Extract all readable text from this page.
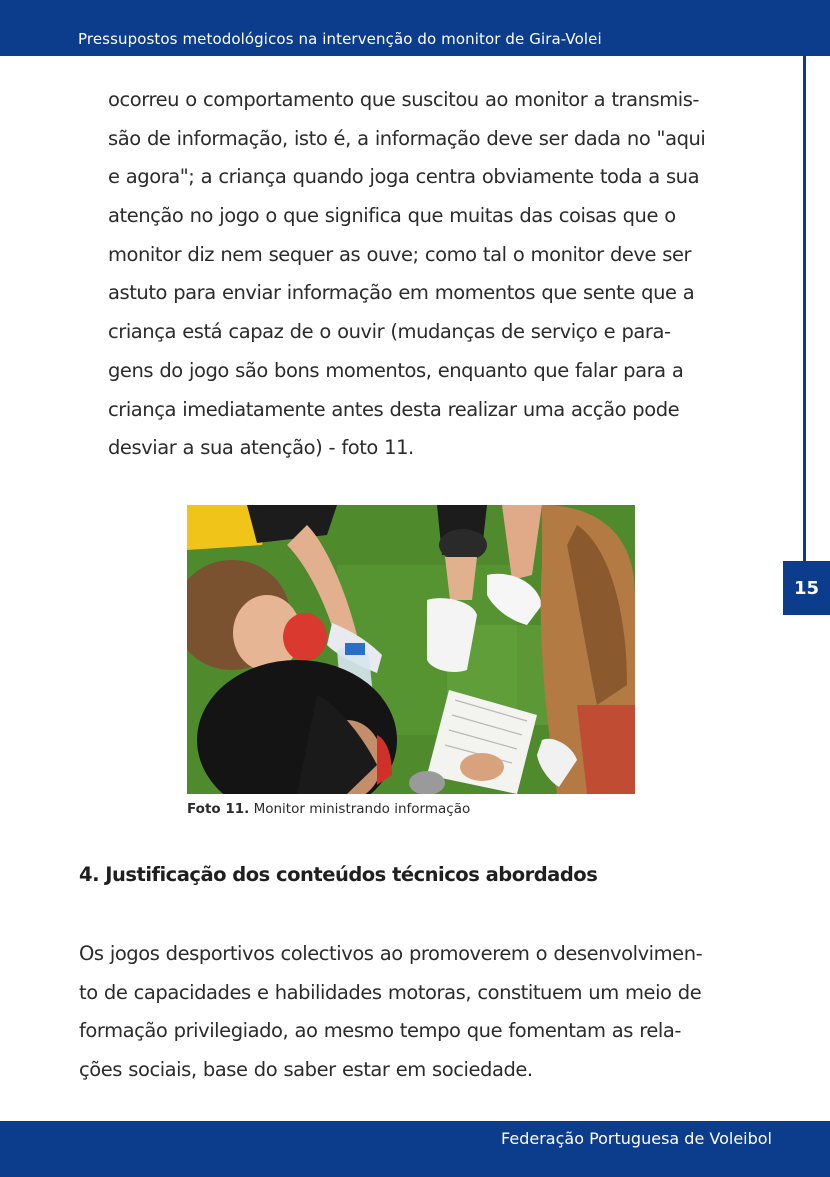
Pressupostos metodológicos na intervenção do monitor de Gira-Volei
15
ocorreu o comportamento que suscitou ao monitor a transmis-
são de informação, isto é, a informação deve ser dada no "aqui
e agora"; a criança quando joga centra obviamente toda a sua
atenção no jogo o que significa que muitas das coisas que o
monitor diz nem sequer as ouve; como tal o monitor deve ser
astuto para enviar informação em momentos que sente que a
criança está capaz de o ouvir (mudanças de serviço e para-
gens do jogo são bons momentos, enquanto que falar para a
criança imediatamente antes desta realizar uma acção pode
desviar a sua atenção) - foto 11.
Foto 11. Monitor ministrando informação
4. Justificação dos conteúdos técnicos abordados
Os jogos desportivos colectivos ao promoverem o desenvolvimen-
to de capacidades e habilidades motoras, constituem um meio de
formação privilegiado, ao mesmo tempo que fomentam as rela-
ções sociais, base do saber estar em sociedade.
Federação Portuguesa de Voleibol
